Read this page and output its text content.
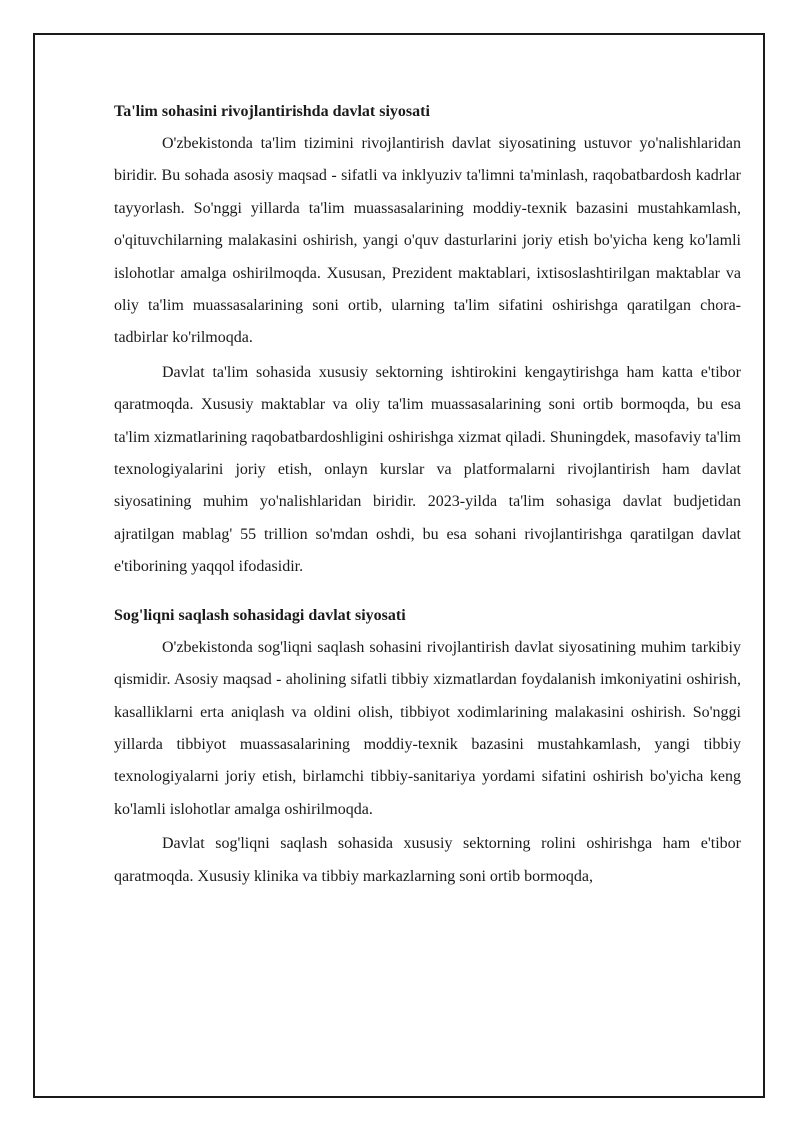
Ta'lim sohasini rivojlantirishda davlat siyosati

O'zbekistonda ta'lim tizimini rivojlantirish davlat siyosatining ustuvor yo'nalishlaridan biridir. Bu sohada asosiy maqsad - sifatli va inklyuziv ta'limni ta'minlash, raqobatbardosh kadrlar tayyorlash. So'nggi yillarda ta'lim muassasalarining moddiy-texnik bazasini mustahkamlash, o'qituvchilarning malakasini oshirish, yangi o'quv dasturlarini joriy etish bo'yicha keng ko'lamli islohotlar amalga oshirilmoqda. Xususan, Prezident maktablari, ixtisoslashtirilgan maktablar va oliy ta'lim muassasalarining soni ortib, ularning ta'lim sifatini oshirishga qaratilgan chora-tadbirlar ko'rilmoqda.

Davlat ta'lim sohasida xususiy sektorning ishtirokini kengaytirishga ham katta e'tibor qaratmoqda. Xususiy maktablar va oliy ta'lim muassasalarining soni ortib bormoqda, bu esa ta'lim xizmatlarining raqobatbardoshligini oshirishga xizmat qiladi. Shuningdek, masofaviy ta'lim texnologiyalarini joriy etish, onlayn kurslar va platformalarni rivojlantirish ham davlat siyosatining muhim yo'nalishlaridan biridir. 2023-yilda ta'lim sohasiga davlat budjetidan ajratilgan mablag' 55 trillion so'mdan oshdi, bu esa sohani rivojlantirishga qaratilgan davlat e'tiborining yaqqol ifodasidir.

Sog'liqni saqlash sohasidagi davlat siyosati

O'zbekistonda sog'liqni saqlash sohasini rivojlantirish davlat siyosatining muhim tarkibiy qismidir. Asosiy maqsad - aholining sifatli tibbiy xizmatlardan foydalanish imkoniyatini oshirish, kasalliklarni erta aniqlash va oldini olish, tibbiyot xodimlarining malakasini oshirish. So'nggi yillarda tibbiyot muassasalarining moddiy-texnik bazasini mustahkamlash, yangi tibbiy texnologiyalarni joriy etish, birlamchi tibbiy-sanitariya yordami sifatini oshirish bo'yicha keng ko'lamli islohotlar amalga oshirilmoqda.

Davlat sog'liqni saqlash sohasida xususiy sektorning rolini oshirishga ham e'tibor qaratmoqda. Xususiy klinika va tibbiy markazlarning soni ortib bormoqda,
